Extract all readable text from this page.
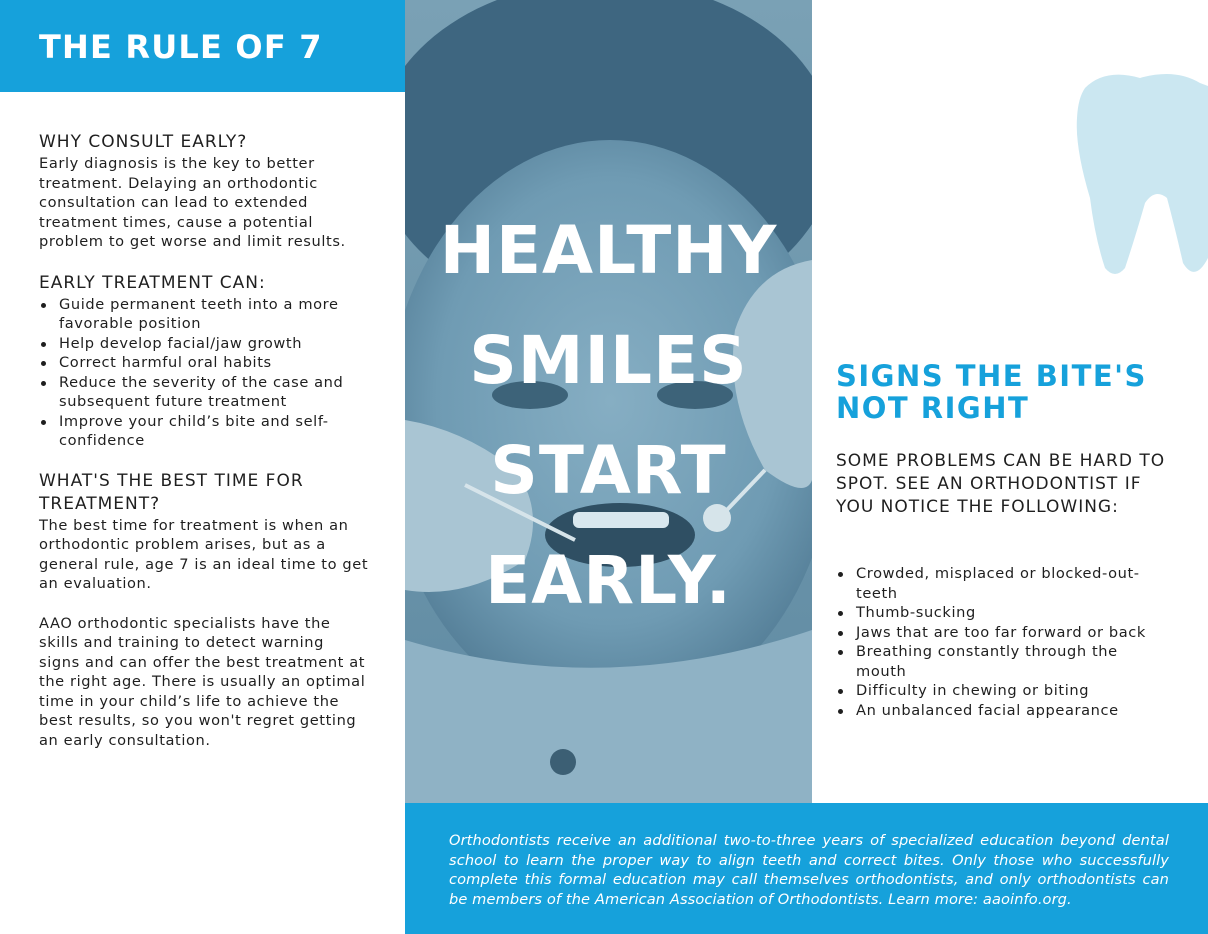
THE RULE OF 7
WHY CONSULT EARLY?

Early diagnosis is the key to better treatment. Delaying an orthodontic consultation can lead to extended treatment times, cause a potential problem to get worse and limit results.

EARLY TREATMENT CAN:
Guide permanent teeth into a more favorable position
Help develop facial/jaw growth
Correct harmful oral habits
Reduce the severity of the case and subsequent future treatment
Improve your child’s bite and self-confidence
WHAT'S THE BEST TIME FOR TREATMENT?

The best time for treatment is when an orthodontic problem arises, but as a general rule, age 7 is an ideal time to get an evaluation.

AAO orthodontic specialists have the skills and training to detect warning signs and can offer the best treatment at the right age. There is usually an optimal time in your child’s life to achieve the best results, so you won't regret getting an early consultation.

HEALTHY
SMILES
START
EARLY.
SIGNS THE BITE'S NOT RIGHT
SOME PROBLEMS CAN BE HARD TO SPOT. SEE AN ORTHODONTIST IF YOU NOTICE THE FOLLOWING:
Crowded, misplaced or blocked-out-teeth
Thumb-sucking
Jaws that are too far forward or back
Breathing constantly through the mouth
Difficulty in chewing or biting
An unbalanced facial appearance

Orthodontists receive an additional two-to-three years of specialized education beyond dental school to learn the proper way to align teeth and correct bites. Only those who successfully complete this formal education may call themselves orthodontists, and only orthodontists can be members of the American Association of Orthodontists. Learn more: aaoinfo.org.
